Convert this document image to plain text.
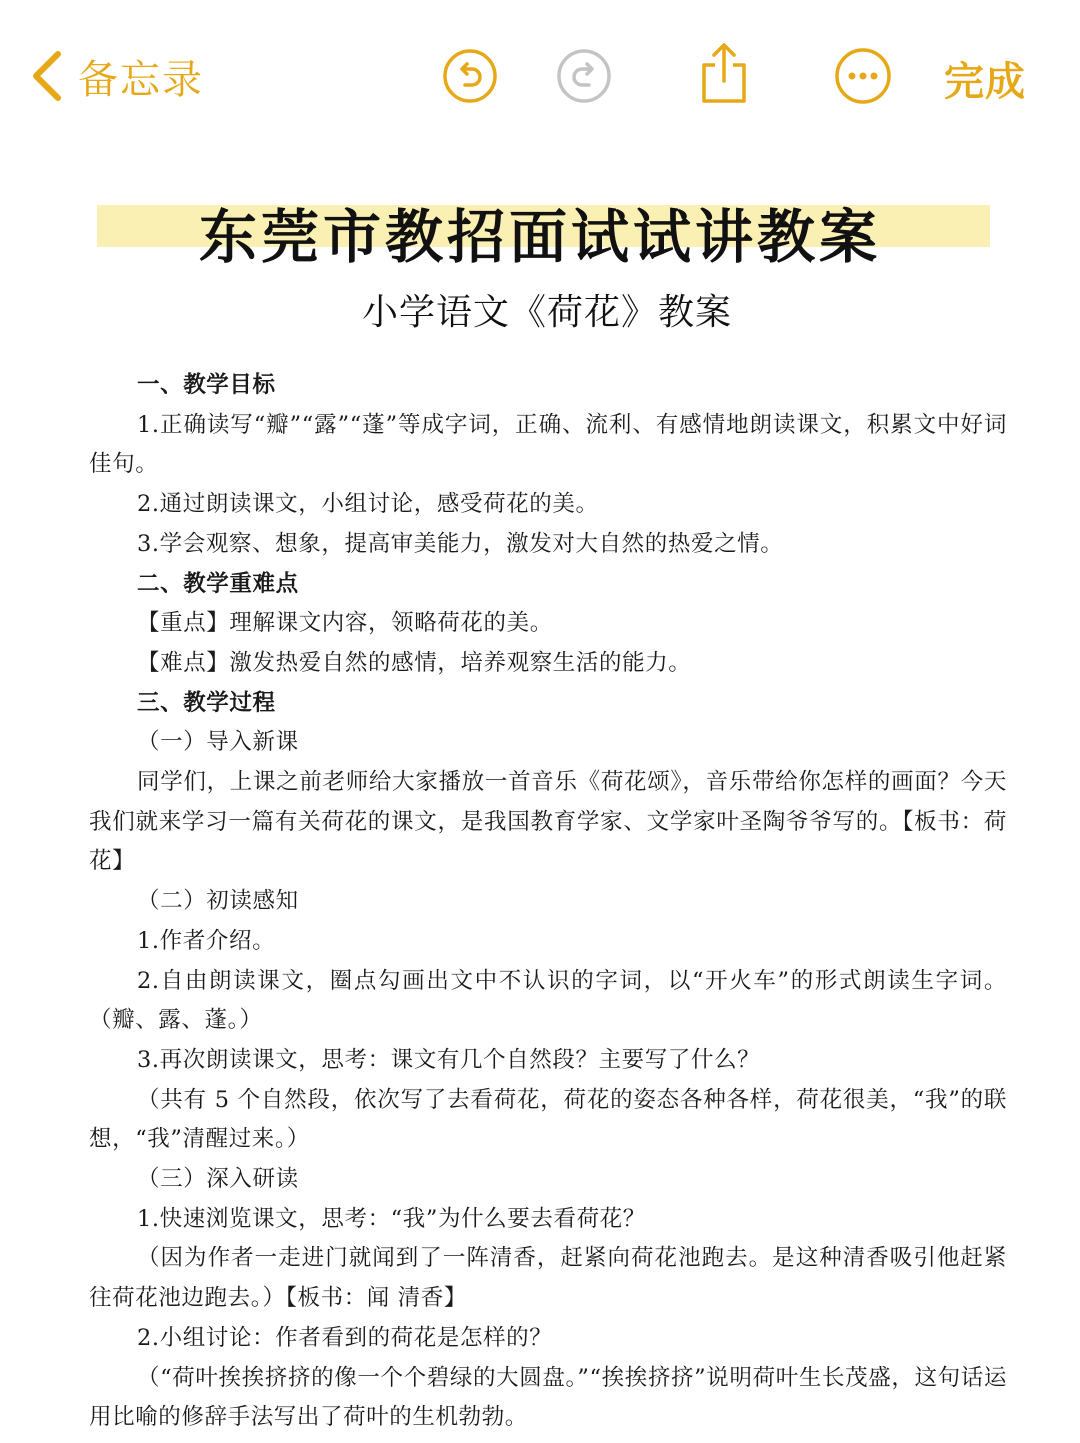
备忘录	完成
东莞市教招面试试讲教案
小学语文《荷花》教案

一、教学目标

1.正确读写“瓣”“露”“蓬”等成字词，正确、流利、有感情地朗读课文，积累文中好词佳句。

2.通过朗读课文，小组讨论，感受荷花的美。

3.学会观察、想象，提高审美能力，激发对大自然的热爱之情。

二、教学重难点

【重点】理解课文内容，领略荷花的美。

【难点】激发热爱自然的感情，培养观察生活的能力。

三、教学过程

（一）导入新课

同学们，上课之前老师给大家播放一首音乐《荷花颂》，音乐带给你怎样的画面？今天我们就来学习一篇有关荷花的课文，是我国教育学家、文学家叶圣陶爷爷写的。【板书：荷花】

（二）初读感知

1.作者介绍。

2.自由朗读课文，圈点勾画出文中不认识的字词，以“开火车”的形式朗读生字词。（瓣、露、蓬。）

3.再次朗读课文，思考：课文有几个自然段？主要写了什么？

（共有 5 个自然段，依次写了去看荷花，荷花的姿态各种各样，荷花很美，“我”的联想，“我”清醒过来。）

（三）深入研读

1.快速浏览课文，思考：“我”为什么要去看荷花？

（因为作者一走进门就闻到了一阵清香，赶紧向荷花池跑去。是这种清香吸引他赶紧往荷花池边跑去。）【板书：闻 清香】

2.小组讨论：作者看到的荷花是怎样的？

（“荷叶挨挨挤挤的像一个个碧绿的大圆盘。”“挨挨挤挤”说明荷叶生长茂盛，这句话运用比喻的修辞手法写出了荷叶的生机勃勃。
